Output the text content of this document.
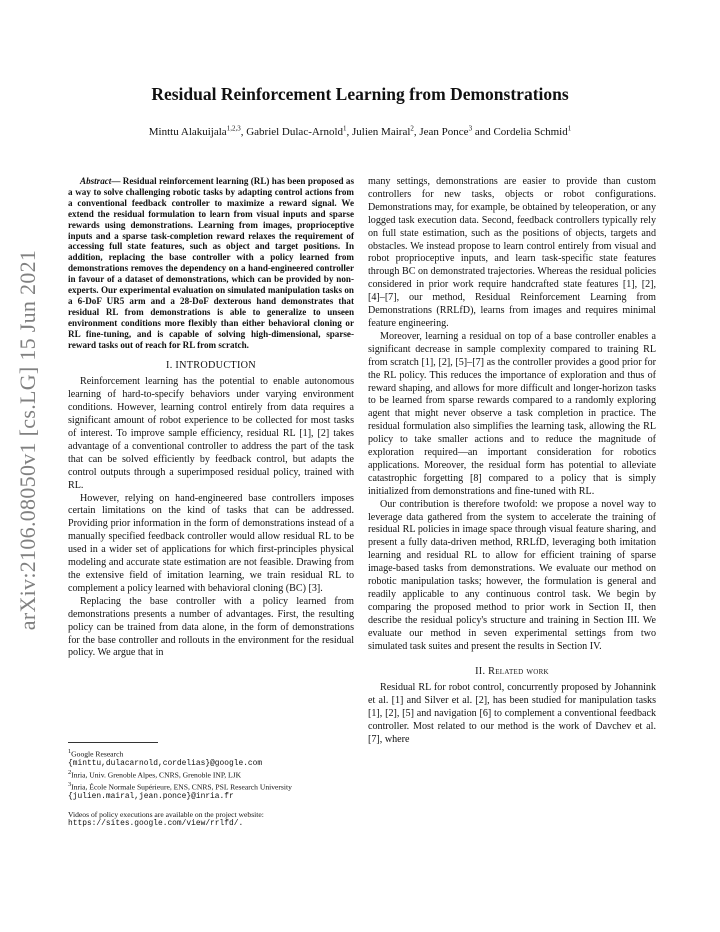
arXiv:2106.08050v1 [cs.LG] 15 Jun 2021
Residual Reinforcement Learning from Demonstrations
Minttu Alakuijala$^{1,2,3}$, Gabriel Dulac-Arnold$^1$, Julien Mairal$^2$, Jean Ponce$^3$ and Cordelia Schmid$^1$

Abstract— Residual reinforcement learning (RL) has been proposed as a way to solve challenging robotic tasks by adapting control actions from a conventional feedback controller to maximize a reward signal. We extend the residual formulation to learn from visual inputs and sparse rewards using demonstrations. Learning from images, proprioceptive inputs and a sparse task-completion reward relaxes the requirement of accessing full state features, such as object and target positions. In addition, replacing the base controller with a policy learned from demonstrations removes the dependency on a hand-engineered controller in favour of a dataset of demonstrations, which can be provided by non-experts. Our experimental evaluation on simulated manipulation tasks on a 6-DoF UR5 arm and a 28-DoF dexterous hand demonstrates that residual RL from demonstrations is able to generalize to unseen environment conditions more flexibly than either behavioral cloning or RL fine-tuning, and is capable of solving high-dimensional, sparse-reward tasks out of reach for RL from scratch.

I. INTRODUCTION

Reinforcement learning has the potential to enable autonomous learning of hard-to-specify behaviors under varying environment conditions. However, learning control entirely from data requires a significant amount of robot experience to be collected for most tasks of interest. To improve sample efficiency, residual RL [1], [2] takes advantage of a conventional controller to address the part of the task that can be solved efficiently by feedback control, but adapts the control outputs through a superimposed residual policy, trained with RL.

However, relying on hand-engineered base controllers imposes certain limitations on the kind of tasks that can be addressed. Providing prior information in the form of demonstrations instead of a manually specified feedback controller would allow residual RL to be used in a wider set of applications for which first-principles physical modeling and accurate state estimation are not feasible. Drawing from the extensive field of imitation learning, we train residual RL to complement a policy learned with behavioral cloning (BC) [3].

Replacing the base controller with a policy learned from demonstrations presents a number of advantages. First, the resulting policy can be trained from data alone, in the form of demonstrations for the base controller and rollouts in the environment for the residual policy. We argue that in

$^1$Google Research
{minttu,dulacarnold,cordelias}@google.com
$^2$Inria, Univ. Grenoble Alpes, CNRS, Grenoble INP, LJK
$^3$Inria, École Normale Supérieure, ENS, CNRS, PSL Research University
{julien.mairal,jean.ponce}@inria.fr
Videos of policy executions are available on the project website:
https://sites.google.com/view/rrlfd/.

many settings, demonstrations are easier to provide than custom controllers for new tasks, objects or robot configurations. Demonstrations may, for example, be obtained by teleoperation, or any logged task execution data. Second, feedback controllers typically rely on full state estimation, such as the positions of objects, targets and obstacles. We instead propose to learn control entirely from visual and robot proprioceptive inputs, and learn task-specific state features through BC on demonstrated trajectories. Whereas the residual policies considered in prior work require handcrafted state features [1], [2], [4]–[7], our method, Residual Reinforcement Learning from Demonstrations (RRLfD), learns from images and requires minimal feature engineering.

Moreover, learning a residual on top of a base controller enables a significant decrease in sample complexity compared to training RL from scratch [1], [2], [5]–[7] as the controller provides a good prior for the RL policy. This reduces the importance of exploration and thus of reward shaping, and allows for more difficult and longer-horizon tasks to be learned from sparse rewards compared to a randomly exploring agent that might never observe a task completion in practice. The residual formulation also simplifies the learning task, allowing the RL policy to take smaller actions and to reduce the magnitude of exploration required—an important consideration for robotics applications. Moreover, the residual form has potential to alleviate catastrophic forgetting [8] compared to a policy that is simply initialized from demonstrations and fine-tuned with RL.

Our contribution is therefore twofold: we propose a novel way to leverage data gathered from the system to accelerate the training of residual RL policies in image space through visual feature sharing, and present a fully data-driven method, RRLfD, leveraging both imitation learning and residual RL to allow for efficient training of sparse image-based tasks from demonstrations. We evaluate our method on robotic manipulation tasks; however, the formulation is general and readily applicable to any continuous control task. We begin by comparing the proposed method to prior work in Section II, then describe the residual policy's structure and training in Section III. We evaluate our method in seven experimental settings from two simulated task suites and present the results in Section IV.

II. Related work

Residual RL for robot control, concurrently proposed by Johannink et al. [1] and Silver et al. [2], has been studied for manipulation tasks [1], [2], [5] and navigation [6] to complement a conventional feedback controller. Most related to our method is the work of Davchev et al. [7], where
